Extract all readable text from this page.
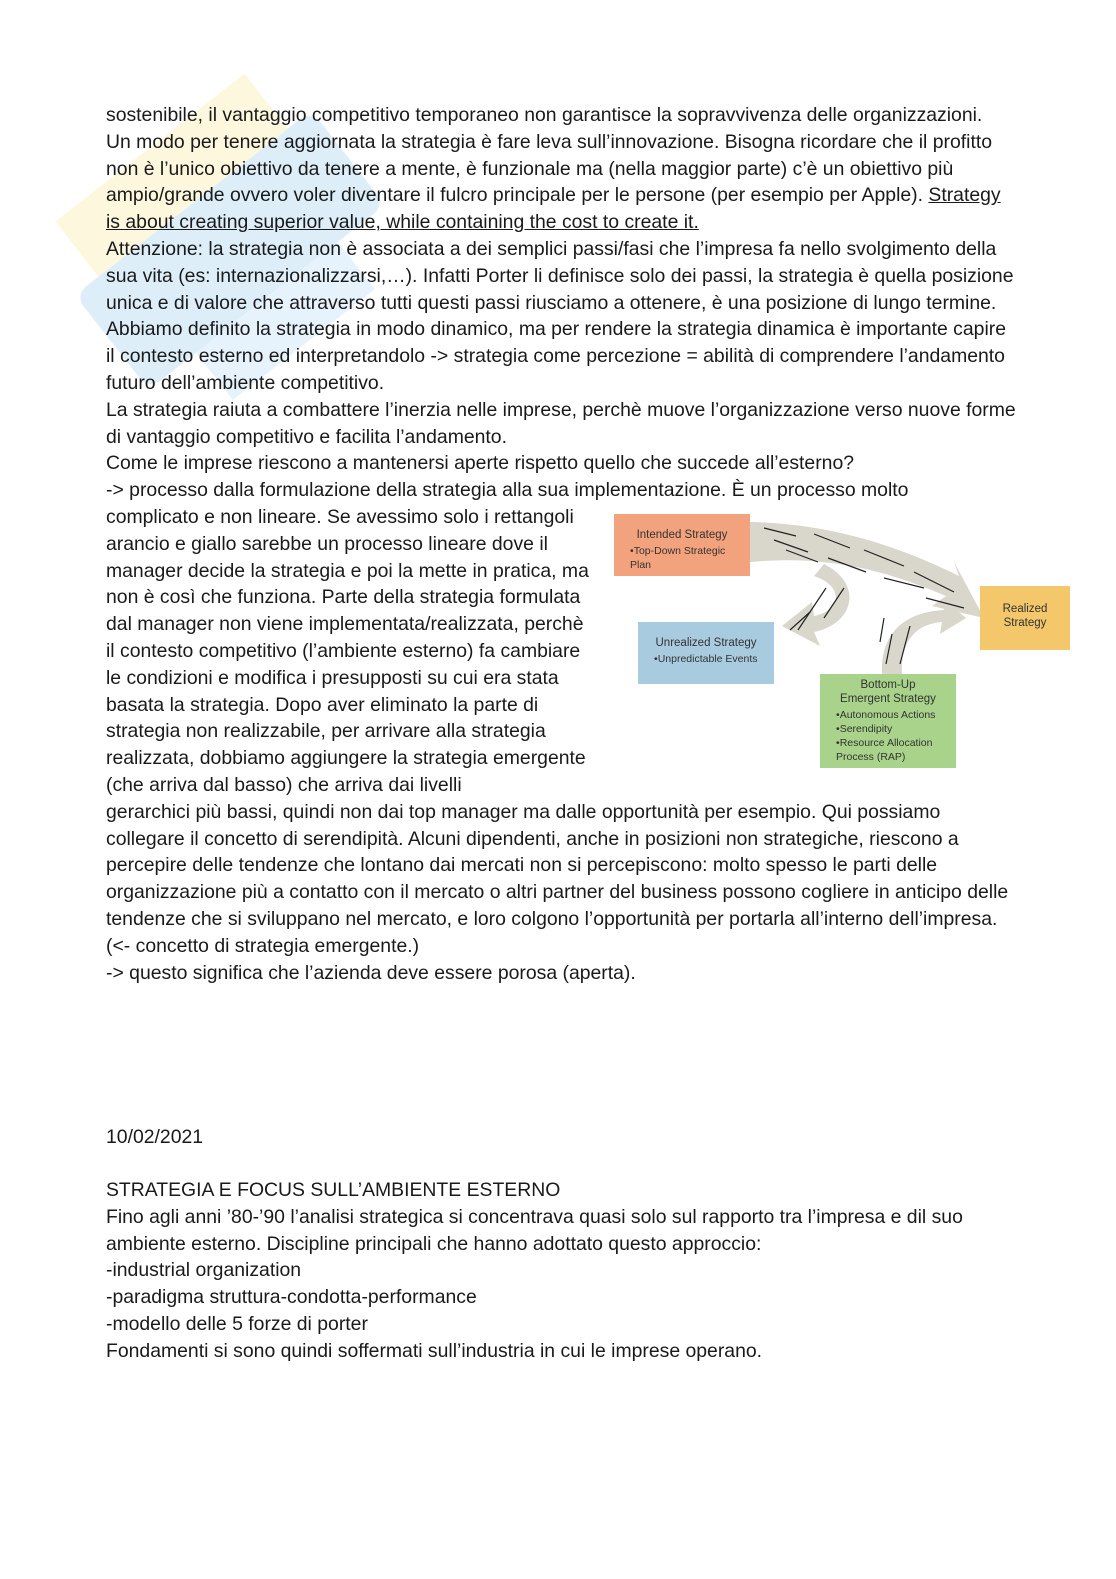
sostenibile, il vantaggio competitivo temporaneo non garantisce la sopravvivenza delle organizzazioni.

Un modo per tenere aggiornata la strategia è fare leva sull’innovazione. Bisogna ricordare che il profitto non è l’unico obiettivo da tenere a mente, è funzionale ma (nella maggior parte) c’è un obiettivo più ampio/grande ovvero voler diventare il fulcro principale per le persone (per esempio per Apple). Strategy is about creating superior value, while containing the cost to create it.

Attenzione: la strategia non è associata a dei semplici passi/fasi che l’impresa fa nello svolgimento della sua vita (es: internazionalizzarsi,…). Infatti Porter li definisce solo dei passi, la strategia è quella posizione unica e di valore che attraverso tutti questi passi riusciamo a ottenere, è una posizione di lungo termine.

Abbiamo definito la strategia in modo dinamico, ma per rendere la strategia dinamica è importante capire il contesto esterno ed interpretandolo -> strategia come percezione = abilità di comprendere l’andamento futuro dell’ambiente competitivo.

La strategia raiuta a combattere l’inerzia nelle imprese, perchè muove l’organizzazione verso nuove forme di vantaggio competitivo e facilita l’andamento.

Come le imprese riescono a mantenersi aperte rispetto quello che succede all’esterno?

-> processo dalla formulazione della strategia alla sua implementazione. È un processo molto

complicato e non lineare. Se avessimo solo i rettangoli arancio e giallo sarebbe un processo lineare dove il manager decide la strategia e poi la mette in pratica, ma non è così che funziona. Parte della strategia formulata dal manager non viene implementata/realizzata, perchè il contesto competitivo (l’ambiente esterno) fa cambiare le condizioni e modifica i presupposti su cui era stata basata la strategia. Dopo aver eliminato la parte di strategia non realizzabile, per arrivare alla strategia realizzata, dobbiamo aggiungere la strategia emergente (che arriva dal basso) che arriva dai livelli

Intended Strategy
• Top-Down Strategic Plan
Unrealized Strategy
• Unpredictable Events
Realized Strategy
Bottom-Up
Emergent Strategy
• Autonomous Actions
• Serendipity
• Resource Allocation Process (RAP)

gerarchici più bassi, quindi non dai top manager ma dalle opportunità per esempio. Qui possiamo collegare il concetto di serendipità. Alcuni dipendenti, anche in posizioni non strategiche, riescono a percepire delle tendenze che lontano dai mercati non si percepiscono: molto spesso le parti delle organizzazione più a contatto con il mercato o altri partner del business possono cogliere in anticipo delle tendenze che si sviluppano nel mercato, e loro colgono l’opportunità per portarla all’interno dell’impresa. (<- concetto di strategia emergente.)

-> questo significa che l’azienda deve essere porosa (aperta).

10/02/2021

STRATEGIA E FOCUS SULL’AMBIENTE ESTERNO

Fino agli anni ’80-’90 l’analisi strategica si concentrava quasi solo sul rapporto tra l’impresa e dil suo ambiente esterno. Discipline principali che hanno adottato questo approccio:

-industrial organization

-paradigma struttura-condotta-performance

-modello delle 5 forze di porter

Fondamenti si sono quindi soffermati sull’industria in cui le imprese operano.
